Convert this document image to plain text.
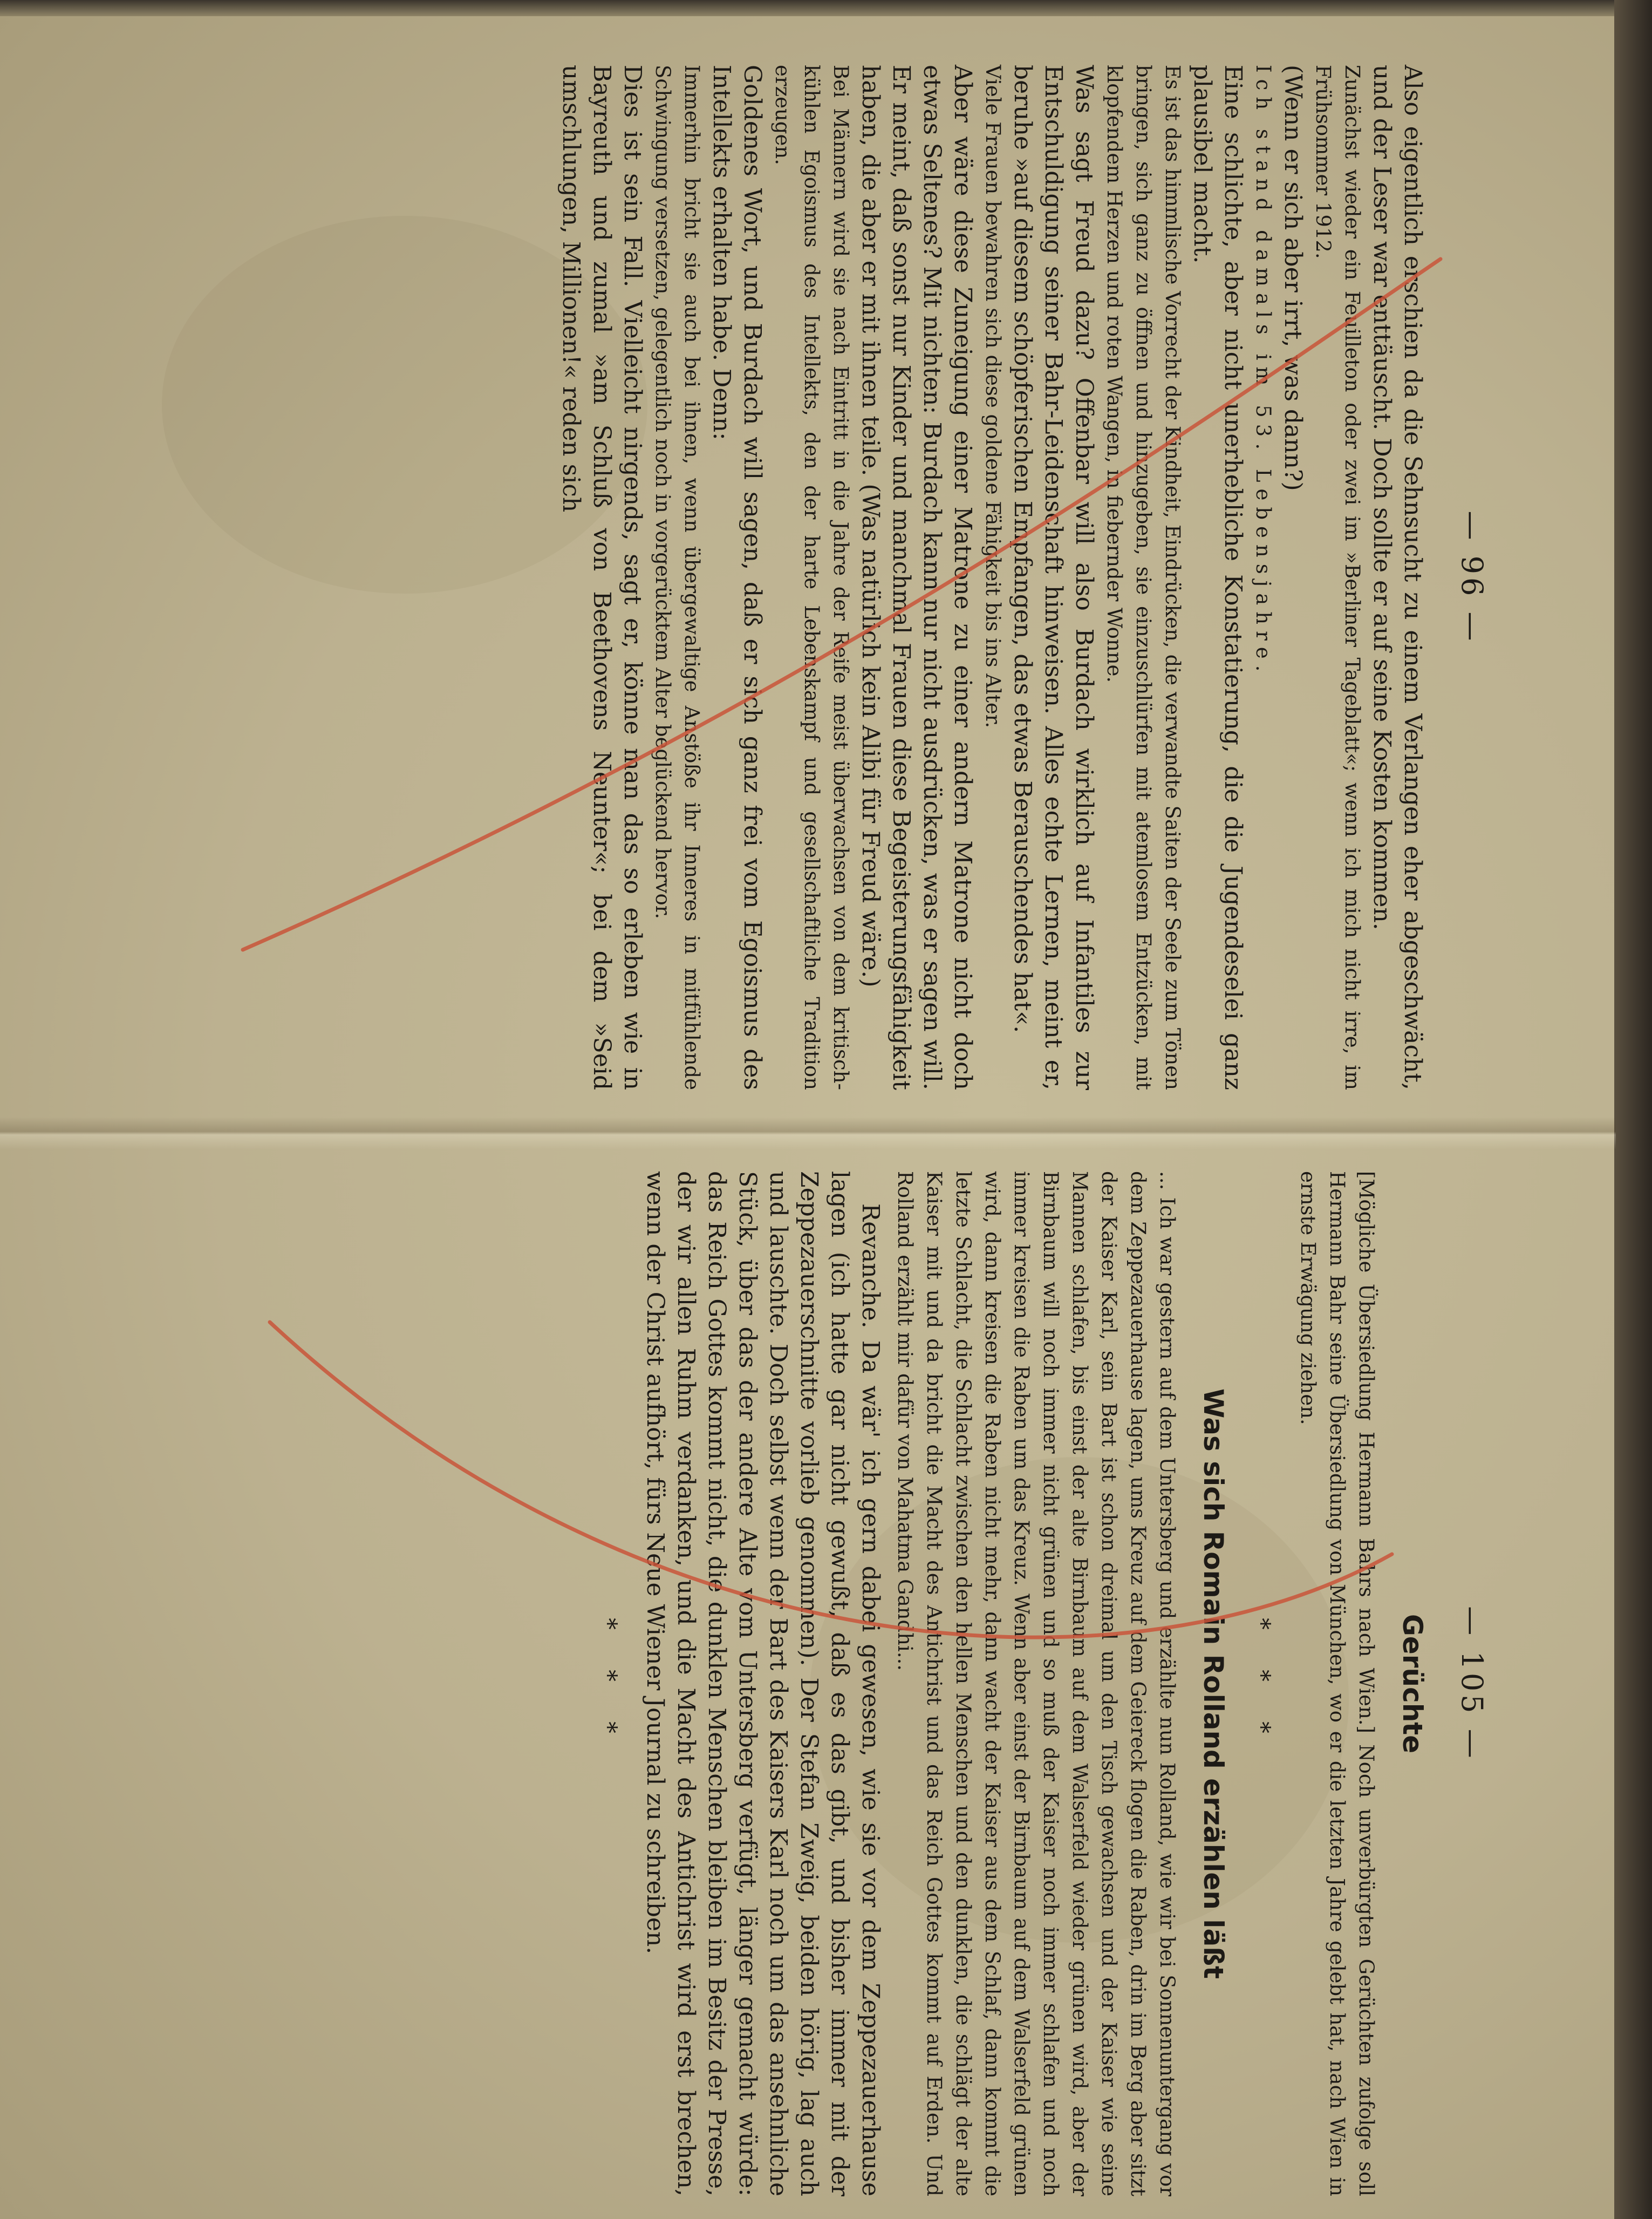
— 96 —

Also eigentlich erschien da die Sehnsucht zu einem Verlangen eher abgeschwächt, und der Leser war enttäuscht. Doch sollte er auf seine Kosten kommen.

Zunächst wieder ein Feuilleton oder zwei im »Berliner Tageblatt«; wenn ich mich nicht irre, im Frühsommer 1912.

(Wenn er sich aber irrt, was dann?)

Ich stand damals im 53. Lebensjahre.

Eine schlichte, aber nicht unerhebliche Konstatierung, die die Jugendeselei ganz plausibel macht.

Es ist das himmlische Vorrecht der Kindheit, Eindrücken, die verwandte Saiten der Seele zum Tönen bringen, sich ganz zu öffnen und hinzugeben, sie einzuschlürfen mit atemlosem Entzücken, mit klopfendem Herzen und roten Wangen, in fiebernder Wonne.

Was sagt Freud dazu? Offenbar will also Burdach wirklich auf Infantiles zur Entschuldigung seiner Bahr-Leidenschaft hinweisen. Alles echte Lernen, meint er, beruhe »auf diesem schöpferischen Empfangen, das etwas Berauschendes hat«.

Viele Frauen bewahren sich diese goldene Fähigkeit bis ins Alter.

Aber wäre diese Zuneigung einer Matrone zu einer andern Matrone nicht doch etwas Seltenes? Mit nichten: Burdach kann nur nicht ausdrücken, was er sagen will. Er meint, daß sonst nur Kinder und manchmal Frauen diese Begeisterungsfähigkeit haben, die aber er mit ihnen teile. (Was natürlich kein Alibi für Freud wäre.)

Bei Männern wird sie nach Eintritt in die Jahre der Reife meist überwachsen von dem kritisch-kühlen Egoismus des Intellekts, den der harte Lebenskampf und gesellschaftliche Tradition erzeugen.

Goldenes Wort, und Burdach will sagen, daß er sich ganz frei vom Egoismus des Intellekts erhalten habe. Denn:

Immerhin bricht sie auch bei ihnen, wenn übergewaltige Anstöße ihr Inneres in mitfühlende Schwingung versetzen, gelegentlich noch in vorgerücktem Alter beglückend hervor.

Dies ist sein Fall. Vielleicht nirgends, sagt er, könne man das so erleben wie in Bayreuth und zumal »am Schluß von Beethovens Neunter«; bei dem »Seid umschlungen, Millionen!« reden sich

— 105 —
Gerüchte

[Mögliche Übersiedlung Hermann Bahrs nach Wien.] Noch unverbürgten Gerüchten zufolge soll Hermann Bahr seine Übersiedlung von München, wo er die letzten Jahre gelebt hat, nach Wien in ernste Erwägung ziehen.

* * *
Was sich Romain Rolland erzählen läßt

... Ich war gestern auf dem Untersberg und erzählte nun Rolland, wie wir bei Sonnenuntergang vor dem Zeppezauerhause lagen, ums Kreuz auf dem Geiereck flogen die Raben, drin im Berg aber sitzt der Kaiser Karl, sein Bart ist schon dreimal um den Tisch gewachsen und der Kaiser wie seine Mannen schlafen, bis einst der alte Birnbaum auf dem Walserfeld wieder grünen wird, aber der Birnbaum will noch immer nicht grünen und so muß der Kaiser noch immer schlafen und noch immer kreisen die Raben um das Kreuz. Wenn aber einst der Birnbaum auf dem Walserfeld grünen wird, dann kreisen die Raben nicht mehr, dann wacht der Kaiser aus dem Schlaf, dann kommt die letzte Schlacht, die Schlacht zwischen den hellen Menschen und den dunklen, die schlägt der alte Kaiser mit und da bricht die Macht des Antichrist und das Reich Gottes kommt auf Erden. Und Rolland erzählt mir dafür von Mahatma Gandhi...

Revanche. Da wär' ich gern dabei gewesen, wie sie vor dem Zeppezauerhause lagen (ich hatte gar nicht gewußt, daß es das gibt, und bisher immer mit der Zeppezauerschnitte vorlieb genommen). Der Stefan Zweig, beiden hörig, lag auch und lauschte. Doch selbst wenn der Bart des Kaisers Karl noch um das ansehnliche Stück, über das der andere Alte vom Untersberg verfügt, länger gemacht würde: das Reich Gottes kommt nicht, die dunklen Menschen bleiben im Besitz der Presse, der wir allen Ruhm verdanken, und die Macht des Antichrist wird erst brechen, wenn der Christ aufhört, fürs Neue Wiener Journal zu schreiben.

* * *
